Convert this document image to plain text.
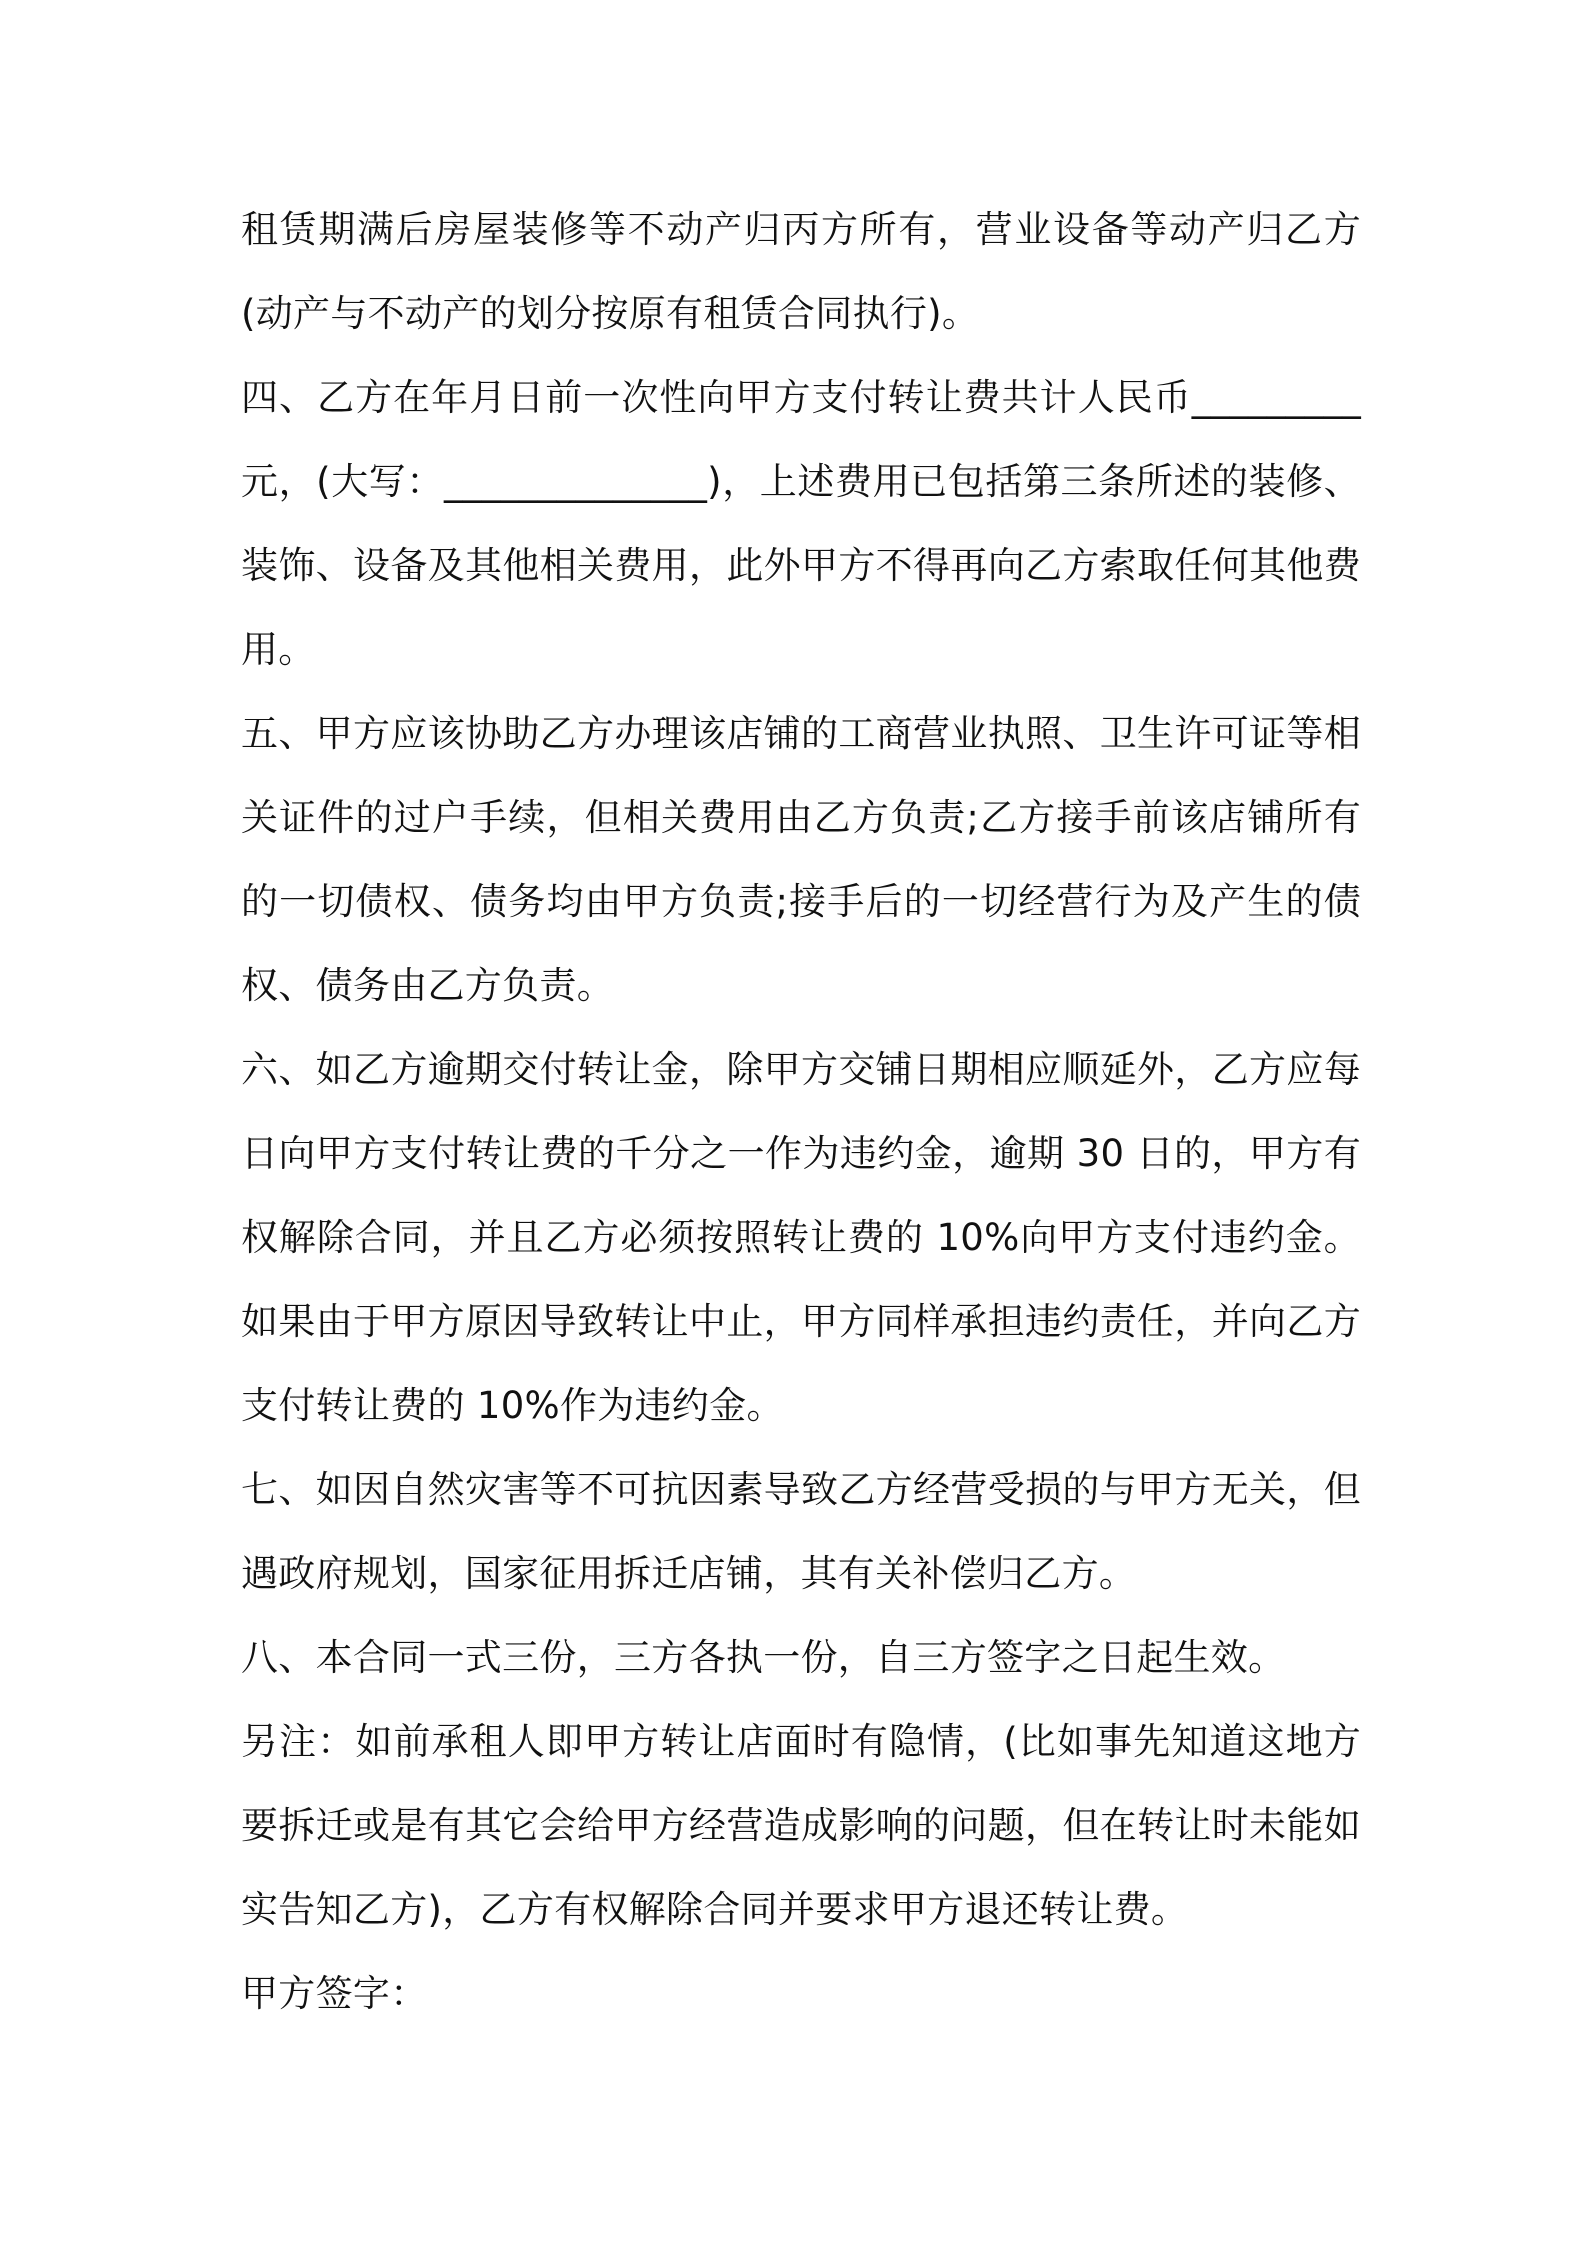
租赁期满后房屋装修等不动产归丙方所有，营业设备等动产归乙方
(动产与不动产的划分按原有租赁合同执行)。
四、乙方在年月日前一次性向甲方支付转让费共计人民币_________
元，(大写：______________)，上述费用已包括第三条所述的装修、
装饰、设备及其他相关费用，此外甲方不得再向乙方索取任何其他费
用。
五、甲方应该协助乙方办理该店铺的工商营业执照、卫生许可证等相
关证件的过户手续，但相关费用由乙方负责;乙方接手前该店铺所有
的一切债权、债务均由甲方负责;接手后的一切经营行为及产生的债
权、债务由乙方负责。
六、如乙方逾期交付转让金，除甲方交铺日期相应顺延外，乙方应每
日向甲方支付转让费的千分之一作为违约金，逾期 30 日的，甲方有
权解除合同，并且乙方必须按照转让费的 10%向甲方支付违约金。
如果由于甲方原因导致转让中止，甲方同样承担违约责任，并向乙方
支付转让费的 10%作为违约金。
七、如因自然灾害等不可抗因素导致乙方经营受损的与甲方无关，但
遇政府规划，国家征用拆迁店铺，其有关补偿归乙方。
八、本合同一式三份，三方各执一份，自三方签字之日起生效。
另注：如前承租人即甲方转让店面时有隐情，(比如事先知道这地方
要拆迁或是有其它会给甲方经营造成影响的问题，但在转让时未能如
实告知乙方)，乙方有权解除合同并要求甲方退还转让费。
甲方签字：
